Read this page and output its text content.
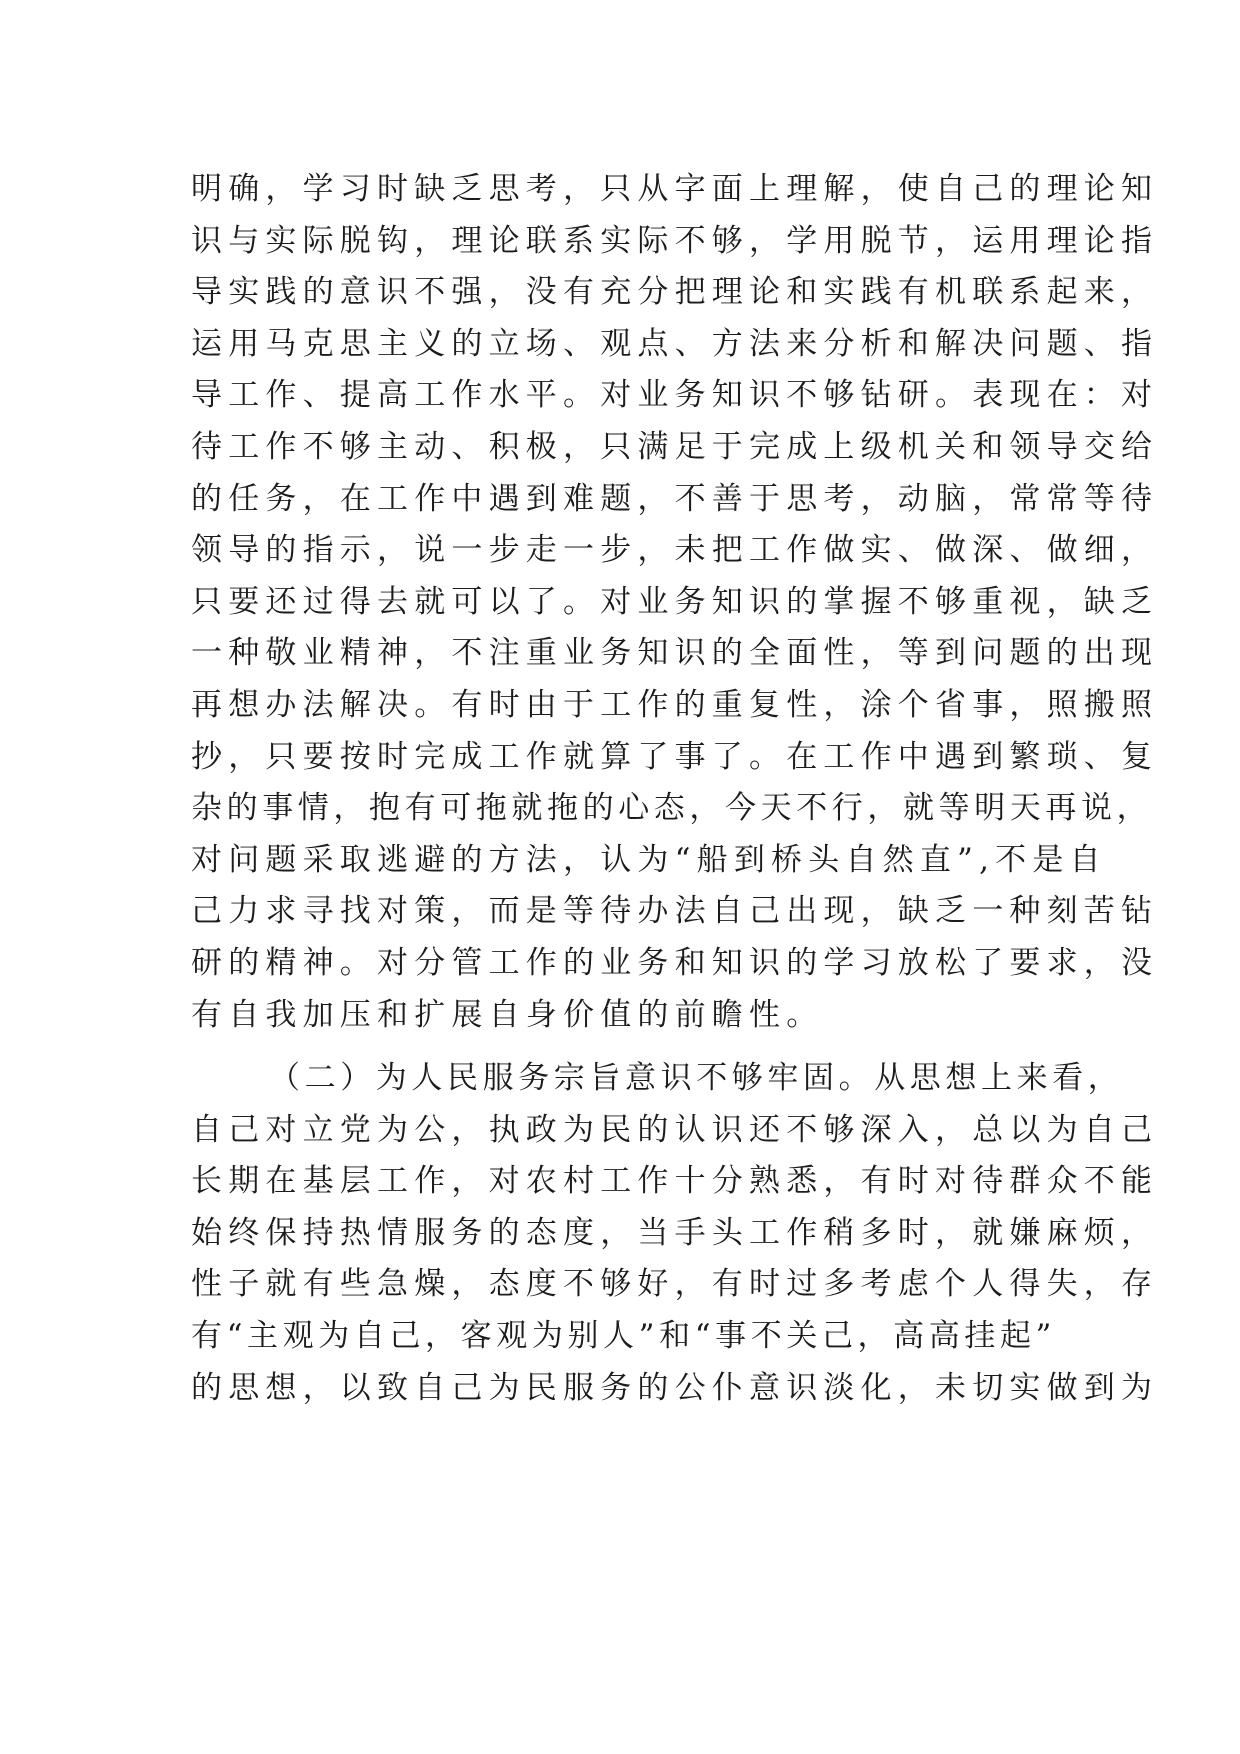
明确，学习时缺乏思考，只从字面上理解，使自己的理论知
识与实际脱钩，理论联系实际不够，学用脱节，运用理论指
导实践的意识不强，没有充分把理论和实践有机联系起来，
运用马克思主义的立场、观点、方法来分析和解决问题、指
导工作、提高工作水平。对业务知识不够钻研。表现在：对
待工作不够主动、积极，只满足于完成上级机关和领导交给
的任务，在工作中遇到难题，不善于思考，动脑，常常等待
领导的指示，说一步走一步，未把工作做实、做深、做细，
只要还过得去就可以了。对业务知识的掌握不够重视，缺乏
一种敬业精神，不注重业务知识的全面性，等到问题的出现
再想办法解决。有时由于工作的重复性，涂个省事，照搬照
抄，只要按时完成工作就算了事了。在工作中遇到繁琐、复
杂的事情，抱有可拖就拖的心态，今天不行，就等明天再说，
对问题采取逃避的方法，认为“船到桥头自然直”,不是自
己力求寻找对策，而是等待办法自己出现，缺乏一种刻苦钻
研的精神。对分管工作的业务和知识的学习放松了要求，没
有自我加压和扩展自身价值的前瞻性。
（二）为人民服务宗旨意识不够牢固。从思想上来看，
自己对立党为公，执政为民的认识还不够深入，总以为自己
长期在基层工作，对农村工作十分熟悉，有时对待群众不能
始终保持热情服务的态度，当手头工作稍多时，就嫌麻烦，
性子就有些急燥，态度不够好，有时过多考虑个人得失，存
有“主观为自己，客观为别人”和“事不关己，高高挂起”
的思想，以致自己为民服务的公仆意识淡化，未切实做到为
